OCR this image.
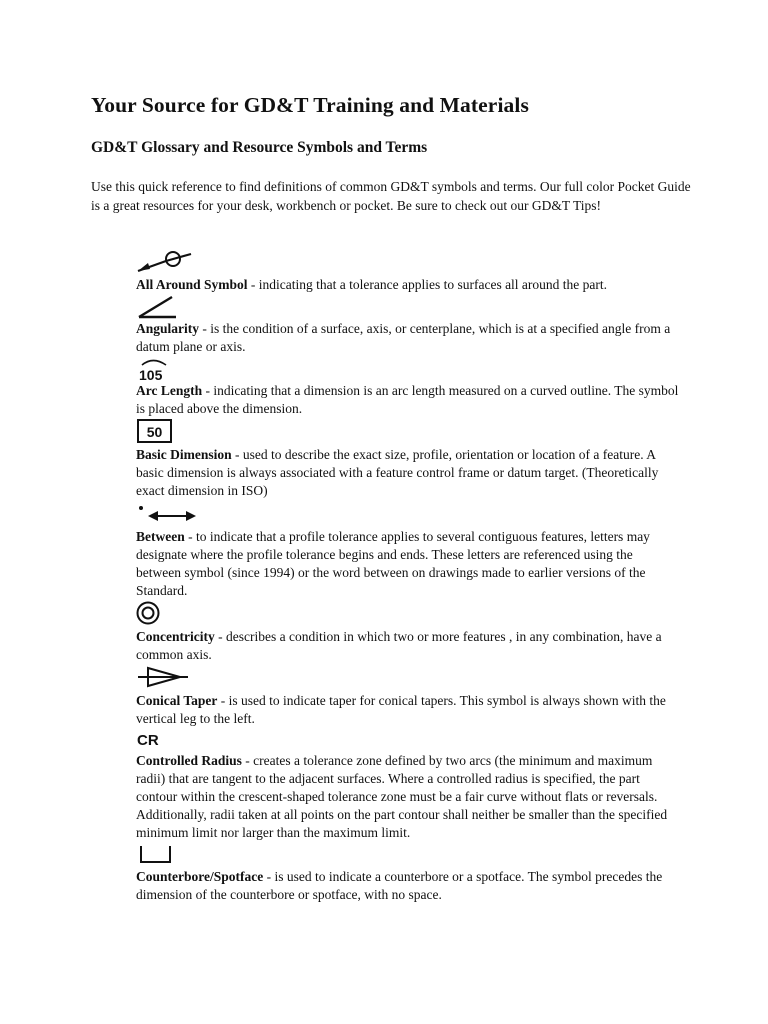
Your Source for GD&T Training and Materials
GD&T Glossary and Resource Symbols and Terms

Use this quick reference to find definitions of common GD&T symbols and terms. Our full color Pocket Guide is a great resources for your desk, workbench or pocket. Be sure to check out our GD&T Tips!

All Around Symbol - indicating that a tolerance applies to surfaces all around the part.

Angularity - is the condition of a surface, axis, or centerplane, which is at a specified angle from a datum plane or axis.

105

Arc Length - indicating that a dimension is an arc length measured on a curved outline. The symbol is placed above the dimension.

50

Basic Dimension - used to describe the exact size, profile, orientation or location of a feature. A basic dimension is always associated with a feature control frame or datum target. (Theoretically exact dimension in ISO)

Between - to indicate that a profile tolerance applies to several contiguous features, letters may designate where the profile tolerance begins and ends. These letters are referenced using the between symbol (since 1994) or the word between on drawings made to earlier versions of the Standard.

Concentricity - describes a condition in which two or more features , in any combination, have a common axis.

Conical Taper - is used to indicate taper for conical tapers. This symbol is always shown with the vertical leg to the left.

CR

Controlled Radius - creates a tolerance zone defined by two arcs (the minimum and maximum radii) that are tangent to the adjacent surfaces. Where a controlled radius is specified, the part contour within the crescent-shaped tolerance zone must be a fair curve without flats or reversals. Additionally, radii taken at all points on the part contour shall neither be smaller than the specified minimum limit nor larger than the maximum limit.

Counterbore/Spotface - is used to indicate a counterbore or a spotface. The symbol precedes the dimension of the counterbore or spotface, with no space.
